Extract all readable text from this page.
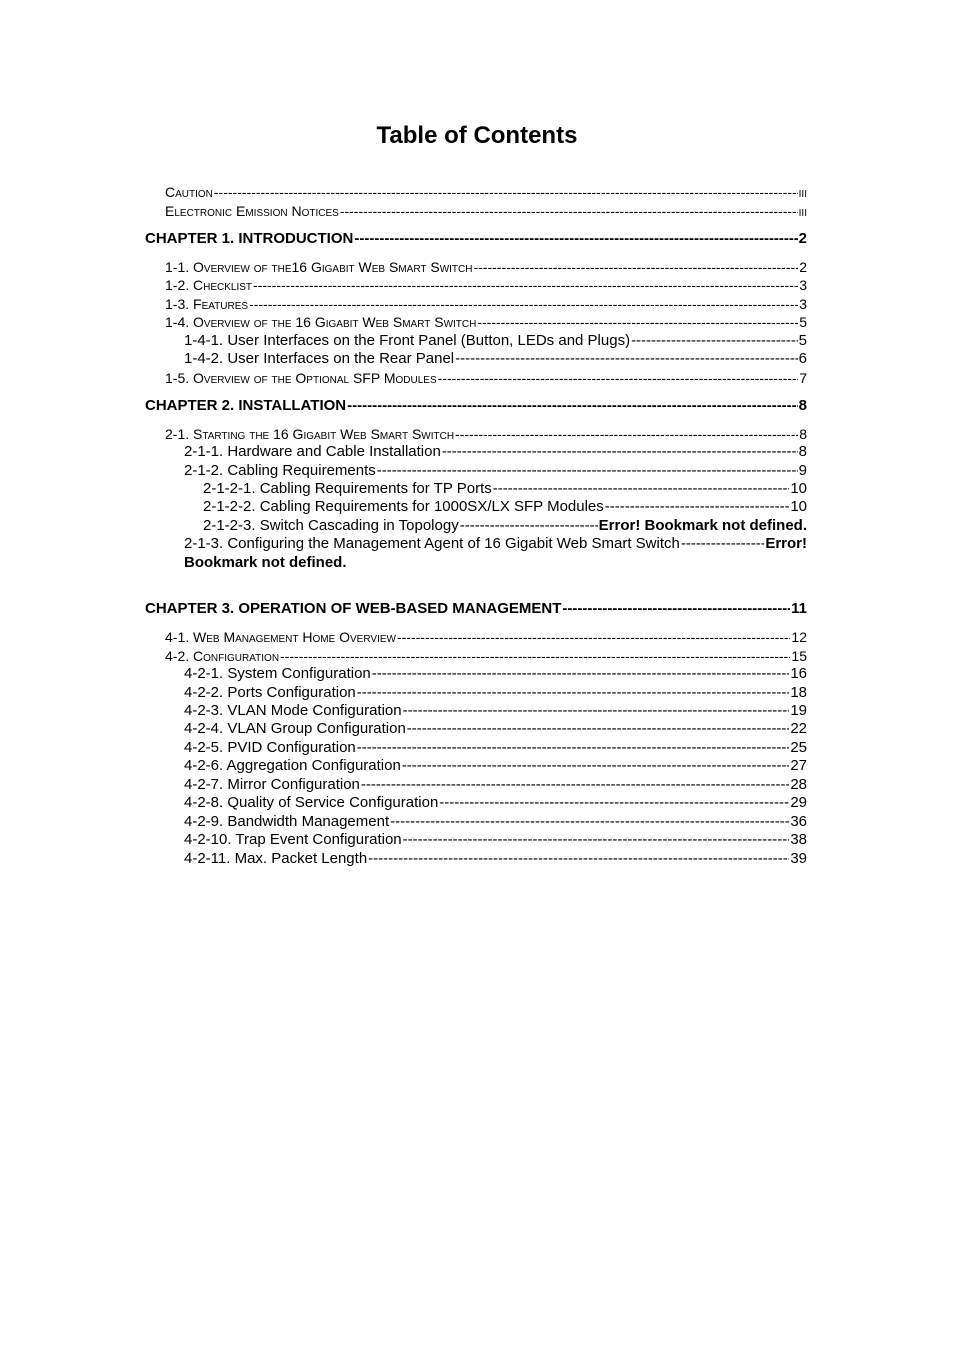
Table of Contents
Caution -----	III
Electronic Emission Notices -----	III
CHAPTER 1. INTRODUCTION -----	2
1-1. Overview of the16 Gigabit Web Smart Switch -----	2
1-2. Checklist -----	3
1-3. Features -----	3
1-4. Overview of the 16 Gigabit Web Smart Switch -----	5
1-4-1. User Interfaces on the Front Panel (Button, LEDs and Plugs) -----	5
1-4-2. User Interfaces on the Rear Panel -----	6
1-5. Overview of the Optional SFP Modules -----	7
CHAPTER 2. INSTALLATION -----	8
2-1. Starting the 16 Gigabit Web Smart Switch -----	8
2-1-1. Hardware and Cable Installation -----	8
2-1-2. Cabling Requirements -----	9
2-1-2-1. Cabling Requirements for TP Ports -----	10
2-1-2-2. Cabling Requirements for 1000SX/LX SFP Modules -----	10
2-1-2-3. Switch Cascading in Topology -----	Error! Bookmark not defined.
2-1-3. Configuring the Management Agent of 16 Gigabit Web Smart Switch -----	Error!
Bookmark not defined.
CHAPTER 3. OPERATION OF WEB-BASED MANAGEMENT -----	11
4-1. Web Management Home Overview -----	12
4-2. Configuration -----	15
4-2-1. System Configuration -----	16
4-2-2. Ports Configuration -----	18
4-2-3. VLAN Mode Configuration -----	19
4-2-4. VLAN Group Configuration -----	22
4-2-5. PVID Configuration -----	25
4-2-6. Aggregation Configuration -----	27
4-2-7. Mirror Configuration -----	28
4-2-8. Quality of Service Configuration -----	29
4-2-9. Bandwidth Management -----	36
4-2-10. Trap Event Configuration -----	38
4-2-11. Max. Packet Length -----	39
